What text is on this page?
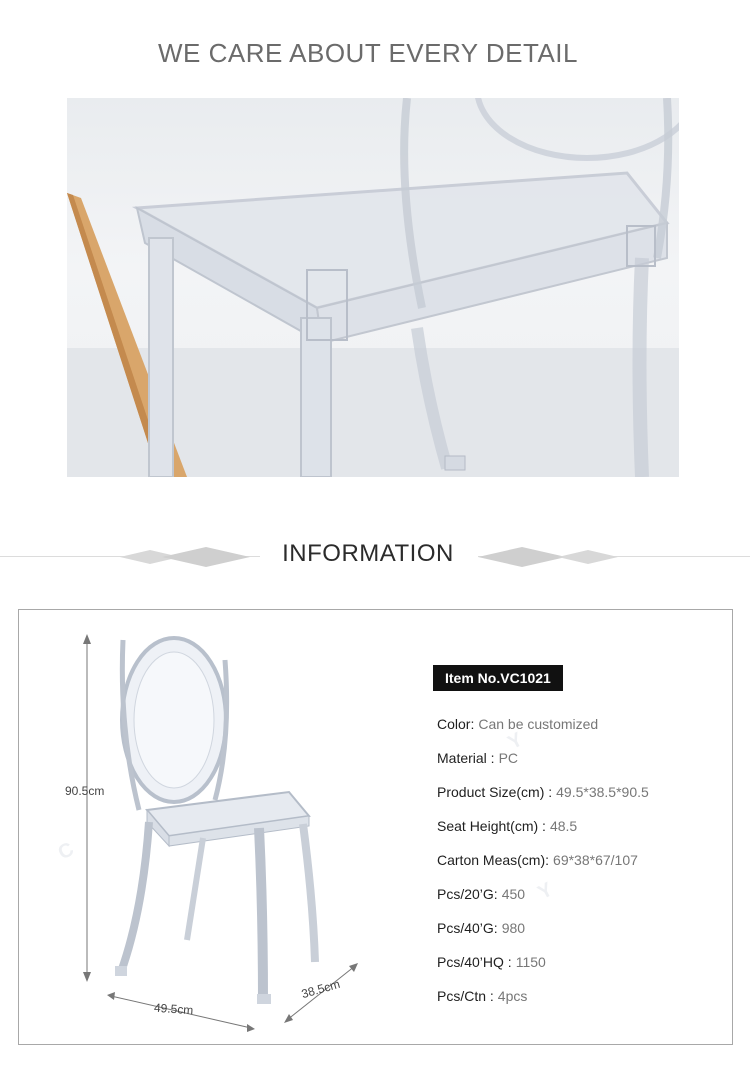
WE CARE ABOUT EVERY DETAIL
INFORMATION
90.5cm
49.5cm
38.5cm
C
Y
Y
Item No.VC1021
Color: Can be customized
Material : PC
Product Size(cm) : 49.5*38.5*90.5
Seat Height(cm) : 48.5
Carton Meas(cm): 69*38*67/107
Pcs/20’G: 450
Pcs/40’G: 980
Pcs/40’HQ : 1150
Pcs/Ctn : 4pcs
